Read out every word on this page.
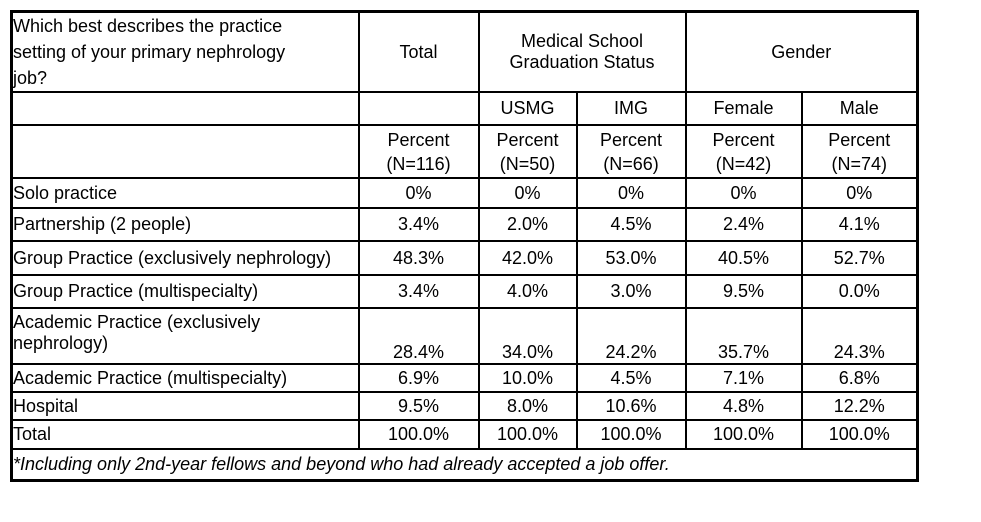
Which best describes the practice setting of your primary nephrology job?	Total	Medical School Graduation Status		Gender	
		USMG	IMG	Female	Male
	Percent (N=116)	Percent (N=50)	Percent (N=66)	Percent (N=42)	Percent (N=74)
Solo practice	0%	0%	0%	0%	0%
Partnership (2 people)	3.4%	2.0%	4.5%	2.4%	4.1%
Group Practice (exclusively nephrology)	48.3%	42.0%	53.0%	40.5%	52.7%
Group Practice (multispecialty)	3.4%	4.0%	3.0%	9.5%	0.0%
Academic Practice (exclusively nephrology)	28.4%	34.0%	24.2%	35.7%	24.3%
Academic Practice (multispecialty)	6.9%	10.0%	4.5%	7.1%	6.8%
Hospital	9.5%	8.0%	10.6%	4.8%	12.2%
Total	100.0%	100.0%	100.0%	100.0%	100.0%
*Including only 2nd-year fellows and beyond who had already accepted a job offer.					
